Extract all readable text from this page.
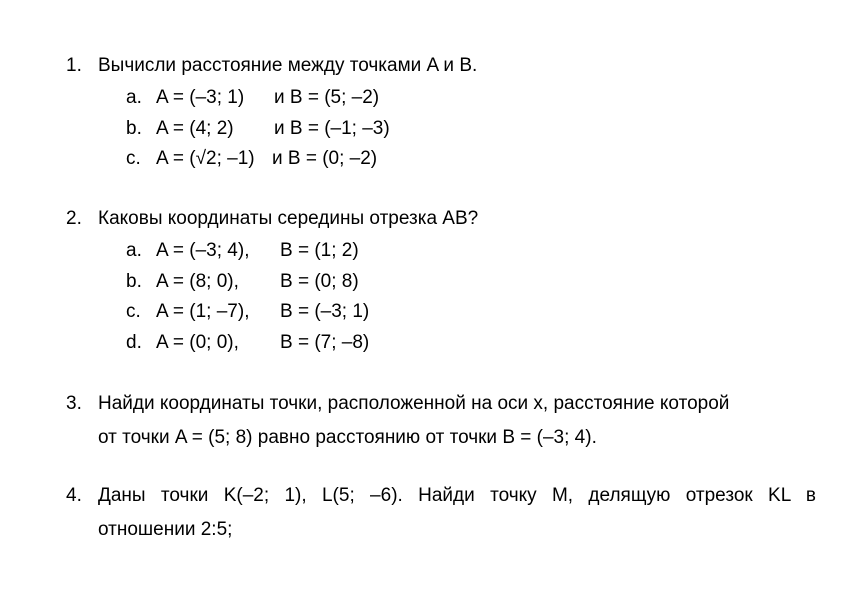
1. Вычисли расстояние между точками A и B.
a. A = (–3; 1) и B = (5; –2)

b. A = (4; 2) и B = (–1; –3)

c. A = (√2; –1) и B = (0; –2)

2. Каковы координаты середины отрезка AB?
a. A = (–3; 4), B = (1; 2)

b. A = (8; 0), B = (0; 8)

c. A = (1; –7), B = (–3; 1)

d. A = (0; 0), B = (7; –8)

3. Найди координаты точки, расположенной на оси x, расстояние которой
от точки A = (5; 8) равно расстоянию от точки B = (–3; 4).
4. Даны точки K(–2; 1), L(5; –6). Найди точку M, делящую отрезок KL в
отношении 2:5;
